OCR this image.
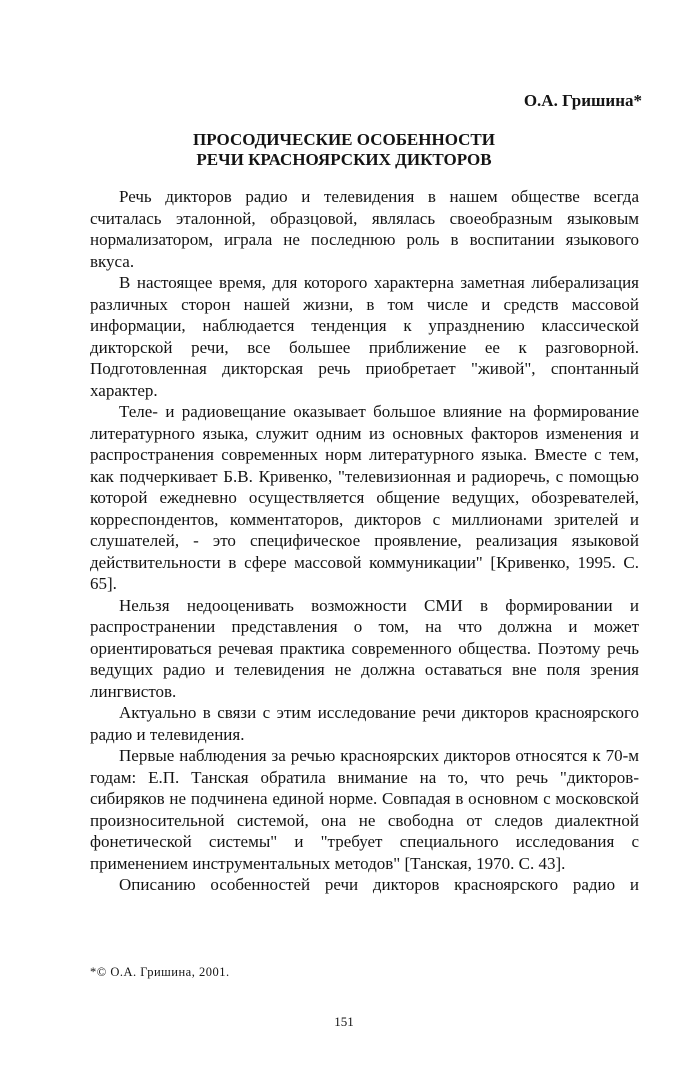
О.А. Гришина*

ПРОСОДИЧЕСКИЕ ОСОБЕННОСТИ
РЕЧИ КРАСНОЯРСКИХ ДИКТОРОВ

Речь дикторов радио и телевидения в нашем обществе всегда считалась эталонной, образцовой, являлась своеобразным языковым нормализатором, играла не последнюю роль в воспитании языкового вкуса.

В настоящее время, для которого характерна заметная либерализация различных сторон нашей жизни, в том числе и средств массовой информации, наблюдается тенденция к упразднению классической дикторской речи, все большее приближение ее к разговорной. Подготовленная дикторская речь приобретает "живой", спонтанный характер.

Теле- и радиовещание оказывает большое влияние на формирование литературного языка, служит одним из основных факторов изменения и распространения современных норм литературного языка. Вместе с тем, как подчеркивает Б.В. Кривенко, "телевизионная и радиоречь, с помощью которой ежедневно осуществляется общение ведущих, обозревателей, корреспондентов, комментаторов, дикторов с миллионами зрителей и слушателей, - это специфическое проявление, реализация языковой действительности в сфере массовой коммуникации" [Кривенко, 1995. С. 65].

Нельзя недооценивать возможности СМИ в формировании и распространении представления о том, на что должна и может ориентироваться речевая практика современного общества. Поэтому речь ведущих радио и телевидения не должна оставаться вне поля зрения лингвистов.

Актуально в связи с этим исследование речи дикторов красноярского радио и телевидения.

Первые наблюдения за речью красноярских дикторов относятся к 70-м годам: Е.П. Танская обратила внимание на то, что речь "дикторов-сибиряков не подчинена единой норме. Совпадая в основном с московской произносительной системой, она не свободна от следов диалектной фонетической системы" и "требует специального исследования с применением инструментальных методов" [Танская, 1970. С. 43].

Описанию особенностей речи дикторов красноярского радио и

*© О.А. Гришина, 2001.

151
